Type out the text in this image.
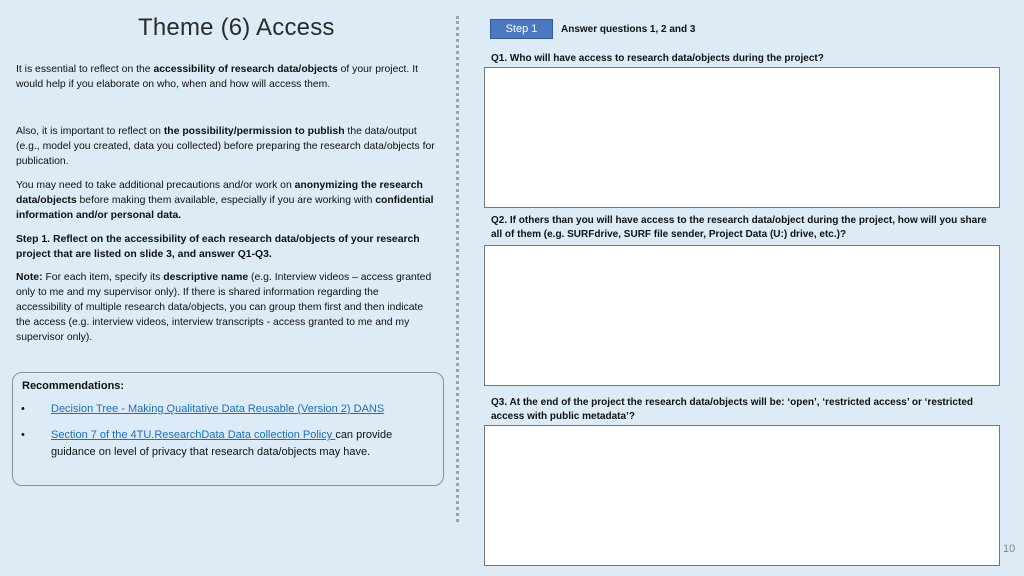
Theme (6) Access

It is essential to reflect on the accessibility of research data/objects of your project. It would help if you elaborate on who, when and how will access them.

Also, it is important to reflect on the possibility/permission to publish the data/output (e.g., model you created, data you collected) before preparing the research data/objects for publication.

You may need to take additional precautions and/or work on anonymizing the research data/objects before making them available, especially if you are working with confidential information and/or personal data.

Step 1. Reflect on the accessibility of each research data/objects of your research project that are listed on slide 3, and answer Q1-Q3.

Note: For each item, specify its descriptive name (e.g. Interview videos – access granted only to me and my supervisor only). If there is shared information regarding the accessibility of multiple research data/objects, you can group them first and then indicate the access (e.g. interview videos, interview transcripts - access granted to me and my supervisor only).

Recommendations:
• Decision Tree - Making Qualitative Data Reusable (Version 2) DANS
• Section 7 of the 4TU.ResearchData Data collection Policy can provide guidance on level of privacy that research data/objects may have.
Step 1	Answer questions 1, 2 and 3

Q1. Who will have access to research data/objects during the project?

Q2. If others than you will have access to the research data/object during the project, how will you share all of them (e.g. SURFdrive, SURF file sender, Project Data (U:) drive, etc.)?

Q3. At the end of the project the research data/objects will be: ‘open’, ‘restricted access’ or ‘restricted access with public metadata’?

10
